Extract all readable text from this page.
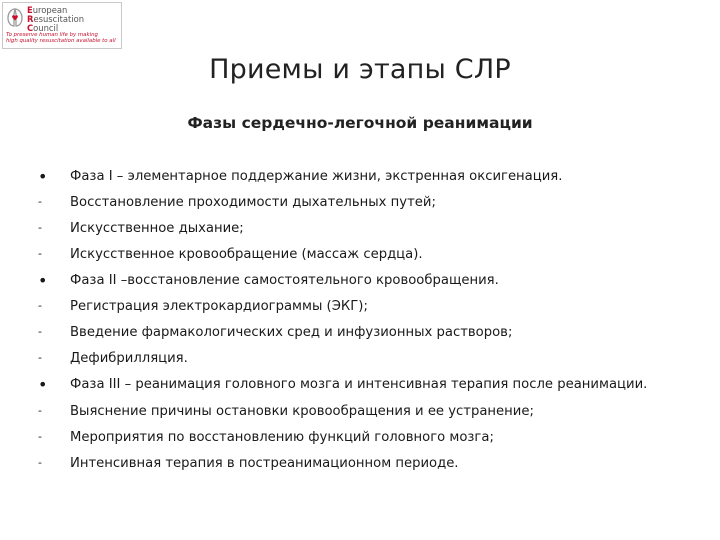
European
Resuscitation
Council
To preserve human life by making
high quality resuscitation available to all
Приемы и этапы СЛР
Фазы сердечно-легочной реанимации
•	Фаза I – элементарное поддержание жизни, экстренная оксигенация.
-	Восстановление проходимости дыхательных путей;
-	Искусственное дыхание;
-	Искусственное кровообращение (массаж сердца).
•	Фаза II –восстановление самостоятельного кровообращения.
-	Регистрация электрокардиограммы (ЭКГ);
-	Введение фармакологических сред и инфузионных растворов;
-	Дефибрилляция.
•	Фаза III – реанимация головного мозга и интенсивная терапия после реанимации.
-	Выяснение причины остановки кровообращения и ее устранение;
-	Мероприятия по восстановлению функций головного мозга;
-	Интенсивная терапия в постреанимационном периоде.
